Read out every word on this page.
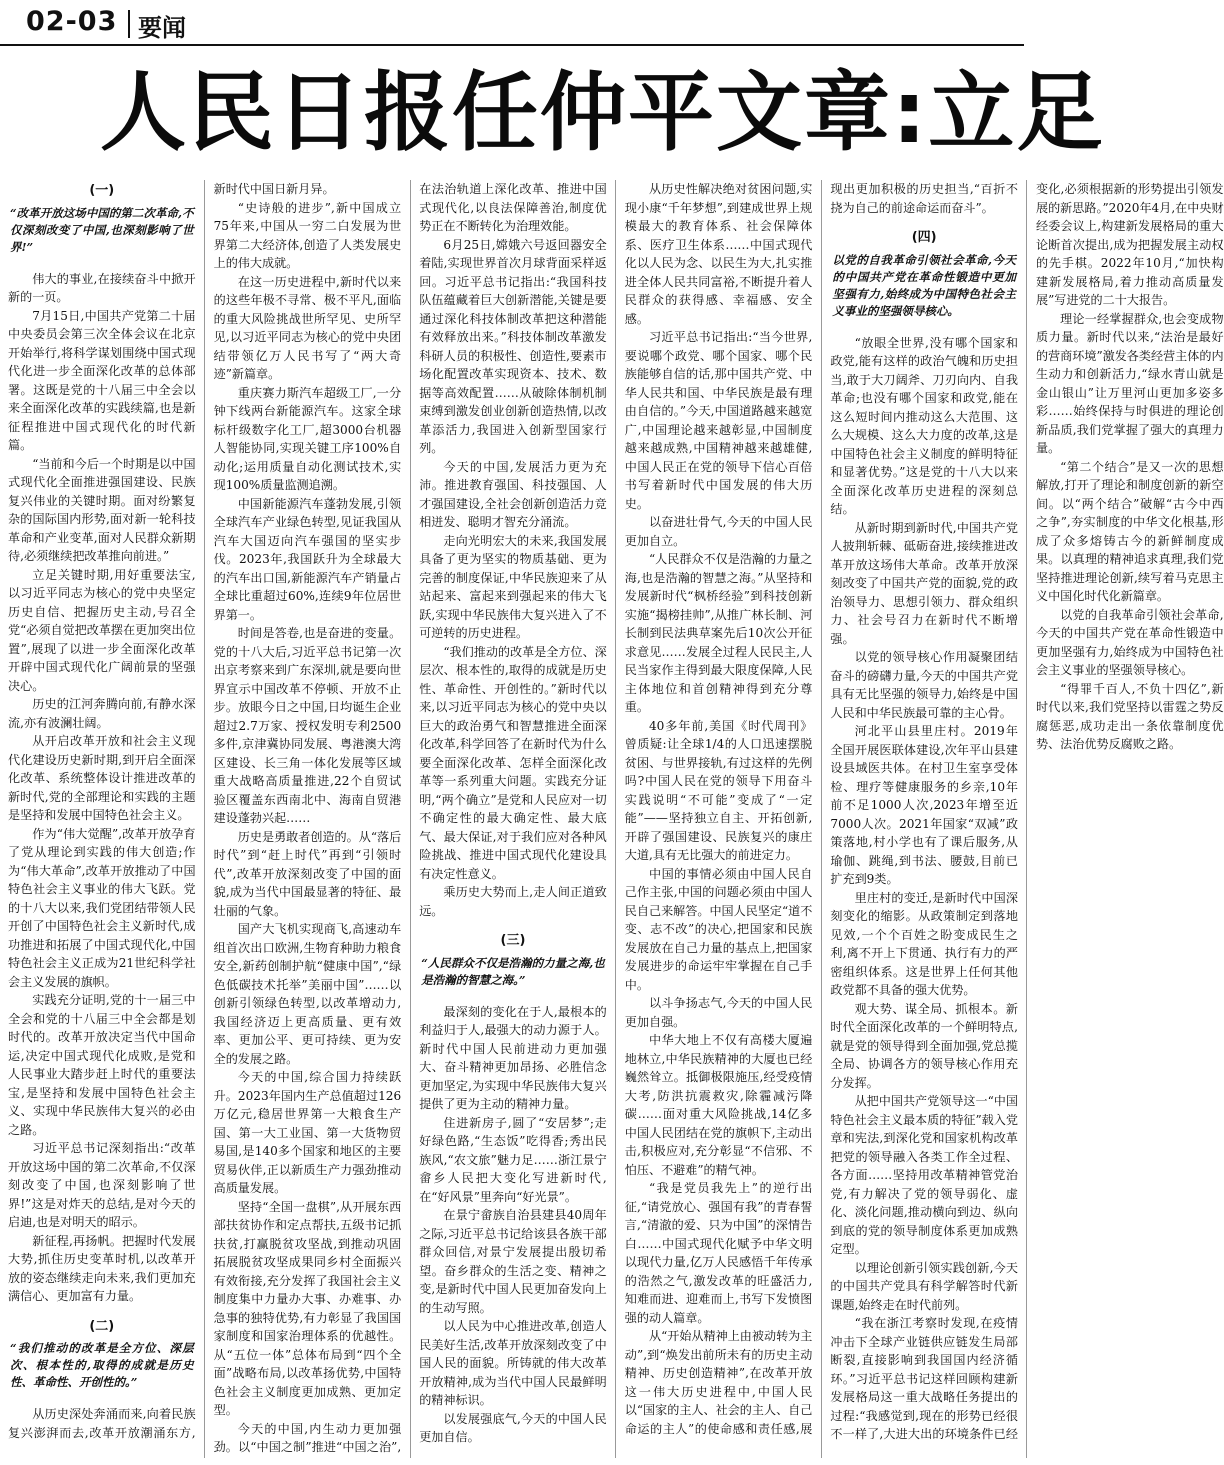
02-03 要闻
人民日报任仲平文章:立足
(一)
“改革开放这场中国的第二次革命,不仅深刻改变了中国,也深刻影响了世界!”

伟大的事业,在接续奋斗中掀开新的一页。

7月15日,中国共产党第二十届中央委员会第三次全体会议在北京开始举行,将科学谋划围绕中国式现代化进一步全面深化改革的总体部署。这既是党的十八届三中全会以来全面深化改革的实践续篇,也是新征程推进中国式现代化的时代新篇。

“当前和今后一个时期是以中国式现代化全面推进强国建设、民族复兴伟业的关键时期。面对纷繁复杂的国际国内形势,面对新一轮科技革命和产业变革,面对人民群众新期待,必须继续把改革推向前进。”

立足关键时期,用好重要法宝,以习近平同志为核心的党中央坚定历史自信、把握历史主动,号召全党“必须自觉把改革摆在更加突出位置”,展现了以进一步全面深化改革开辟中国式现代化广阔前景的坚强决心。

历史的江河奔腾向前,有静水深流,亦有波澜壮阔。

从开启改革开放和社会主义现代化建设历史新时期,到开启全面深化改革、系统整体设计推进改革的新时代,党的全部理论和实践的主题是坚持和发展中国特色社会主义。

作为“伟大觉醒”,改革开放孕育了党从理论到实践的伟大创造;作为“伟大革命”,改革开放推动了中国特色社会主义事业的伟大飞跃。党的十八大以来,我们党团结带领人民开创了中国特色社会主义新时代,成功推进和拓展了中国式现代化,中国特色社会主义正成为21世纪科学社会主义发展的旗帜。

实践充分证明,党的十一届三中全会和党的十八届三中全会都是划时代的。改革开放决定当代中国命运,决定中国式现代化成败,是党和人民事业大踏步赶上时代的重要法宝,是坚持和发展中国特色社会主义、实现中华民族伟大复兴的必由之路。

习近平总书记深刻指出:“改革开放这场中国的第二次革命,不仅深刻改变了中国,也深刻影响了世界!”这是对炸天的总结,是对今天的启迪,也是对明天的昭示。

新征程,再扬帆。把握时代发展大势,抓住历史变革时机,以改革开放的姿态继续走向未来,我们更加充满信心、更加富有力量。

(二)
“我们推动的改革是全方位、深层次、根本性的,取得的成就是历史性、革命性、开创性的。”

从历史深处奔涌而来,向着民族复兴澎湃而去,改革开放潮涌东方,新时代中国日新月异。

“史诗般的进步”,新中国成立75年来,中国从一穷二白发展为世界第二大经济体,创造了人类发展史上的伟大成就。

在这一历史进程中,新时代以来的这些年极不寻常、极不平凡,面临的重大风险挑战世所罕见、史所罕见,以习近平同志为核心的党中央团结带领亿万人民书写了“两大奇迹”新篇章。

重庆赛力斯汽车超级工厂,一分钟下线两台新能源汽车。这家全球标杆级数字化工厂,超3000台机器人智能协同,实现关键工序100%自动化;运用质量自动化测试技术,实现100%质量监测追溯。

中国新能源汽车蓬勃发展,引领全球汽车产业绿色转型,见证我国从汽车大国迈向汽车强国的坚实步伐。2023年,我国跃升为全球最大的汽车出口国,新能源汽车产销量占全球比重超过60%,连续9年位居世界第一。

时间是答卷,也是奋进的变量。党的十八大后,习近平总书记第一次出京考察来到广东深圳,就是要向世界宣示中国改革不停顿、开放不止步。放眼今日之中国,日均诞生企业超过2.7万家、授权发明专利2500多件,京津冀协同发展、粤港澳大湾区建设、长三角一体化发展等区域重大战略高质量推进,22个自贸试验区覆盖东西南北中、海南自贸港建设蓬勃兴起……

历史是勇敢者创造的。从“落后时代”到“赶上时代”再到“引领时代”,改革开放深刻改变了中国的面貌,成为当代中国最显著的特征、最壮丽的气象。

国产大飞机实现商飞,高速动车组首次出口欧洲,生物育种助力粮食安全,新药创制护航“健康中国”,“绿色低碳技术托举”美丽中国”……以创新引领绿色转型,以改革增动力,我国经济迈上更高质量、更有效率、更加公平、更可持续、更为安全的发展之路。

今天的中国,综合国力持续跃升。2023年国内生产总值超过126万亿元,稳居世界第一大粮食生产国、第一大工业国、第一大货物贸易国,是140多个国家和地区的主要贸易伙伴,正以新质生产力强劲推动高质量发展。

坚持“全国一盘棋”,从开展东西部扶贫协作和定点帮扶,五级书记抓扶贫,打赢脱贫攻坚战,到推动巩固拓展脱贫攻坚成果同乡村全面振兴有效衔接,充分发挥了我国社会主义制度集中力量办大事、办难事、办急事的独特优势,有力彰显了我国国家制度和国家治理体系的优越性。从“五位一体”总体布局到“四个全面”战略布局,以改革扬优势,中国特色社会主义制度更加成熟、更加定型。

今天的中国,内生动力更加强劲。以“中国之制”推进“中国之治”,在法治轨道上深化改革、推进中国式现代化,以良法保障善治,制度优势正在不断转化为治理效能。

6月25日,嫦娥六号返回器安全着陆,实现世界首次月球背面采样返回。习近平总书记指出:“我国科技队伍蕴藏着巨大创新潜能,关键是要通过深化科技体制改革把这种潜能有效释放出来。”科技体制改革激发科研人员的积极性、创造性,要素市场化配置改革实现资本、技术、数据等高效配置……从破除体制机制束缚到激发创业创新创造热情,以改革添活力,我国进入创新型国家行列。

今天的中国,发展活力更为充沛。推进教育强国、科技强国、人才强国建设,全社会创新创造活力竞相迸发、聪明才智充分涌流。

走向光明宏大的未来,我国发展具备了更为坚实的物质基础、更为完善的制度保证,中华民族迎来了从站起来、富起来到强起来的伟大飞跃,实现中华民族伟大复兴进入了不可逆转的历史进程。

“我们推动的改革是全方位、深层次、根本性的,取得的成就是历史性、革命性、开创性的。”新时代以来,以习近平同志为核心的党中央以巨大的政治勇气和智慧推进全面深化改革,科学回答了在新时代为什么要全面深化改革、怎样全面深化改革等一系列重大问题。实践充分证明,“两个确立”是党和人民应对一切不确定性的最大确定性、最大底气、最大保证,对于我们应对各种风险挑战、推进中国式现代化建设具有决定性意义。

乘历史大势而上,走人间正道致远。

(三)
“人民群众不仅是浩瀚的力量之海,也是浩瀚的智慧之海。”

最深刻的变化在于人,最根本的利益归于人,最强大的动力源于人。新时代中国人民前进动力更加强大、奋斗精神更加昂扬、必胜信念更加坚定,为实现中华民族伟大复兴提供了更为主动的精神力量。

住进新房子,圆了“安居梦”;走好绿色路,“生态饭”吃得香;秀出民族风,“农文旅”魅力足……浙江景宁畲乡人民把大变化写进新时代,在“好风景”里奔向“好光景”。

在景宁畲族自治县建县40周年之际,习近平总书记给该县各族干部群众回信,对景宁发展提出殷切希望。奋乡群众的生活之变、精神之变,是新时代中国人民更加奋发向上的生动写照。

以人民为中心推进改革,创造人民美好生活,改革开放深刻改变了中国人民的面貌。所铸就的伟大改革开放精神,成为当代中国人民最鲜明的精神标识。

以发展强底气,今天的中国人民更加自信。

从历史性解决绝对贫困问题,实现小康“千年梦想”,到建成世界上规模最大的教育体系、社会保障体系、医疗卫生体系……中国式现代化以人民为念、以民生为大,扎实推进全体人民共同富裕,不断提升着人民群众的获得感、幸福感、安全感。

习近平总书记指出:“当今世界,要说哪个政党、哪个国家、哪个民族能够自信的话,那中国共产党、中华人民共和国、中华民族是最有理由自信的。”今天,中国道路越来越宽广,中国理论越来越彰显,中国制度越来越成熟,中国精神越来越雄健,中国人民正在党的领导下信心百倍书写着新时代中国发展的伟大历史。

以奋进壮骨气,今天的中国人民更加自立。

“人民群众不仅是浩瀚的力量之海,也是浩瀚的智慧之海。”从坚持和发展新时代“枫桥经验”到科技创新实施“揭榜挂帅”,从推广林长制、河长制到民法典草案先后10次公开征求意见……发展全过程人民民主,人民当家作主得到最大限度保障,人民主体地位和首创精神得到充分尊重。

40多年前,美国《时代周刊》曾质疑:让全球1/4的人口迅速摆脱贫困、与世界接轨,有过这样的先例吗?中国人民在党的领导下用奋斗实践说明“不可能”变成了“一定能”——坚持独立自主、开拓创新,开辟了强国建设、民族复兴的康庄大道,具有无比强大的前进定力。

中国的事情必须由中国人民自己作主张,中国的问题必须由中国人民自己来解答。中国人民坚定“道不变、志不改”的决心,把国家和民族发展放在自己力量的基点上,把国家发展进步的命运牢牢掌握在自己手中。

以斗争扬志气,今天的中国人民更加自强。

中华大地上不仅有高楼大厦遍地林立,中华民族精神的大厦也已经巍然耸立。抵御极限施压,经受疫情大考,防洪抗震救灾,除霾减污降碳……面对重大风险挑战,14亿多中国人民团结在党的旗帜下,主动出击,积极应对,充分彰显“不信邪、不怕压、不避难”的精气神。

“我是党员我先上”的逆行出征,“请党放心、强国有我”的青春誓言,“清澈的爱、只为中国”的深情告白……中国式现代化赋予中华文明以现代力量,亿万人民感悟千年传承的浩然之气,激发改革的旺盛活力,知难而进、迎难而上,书写下发愤图强的动人篇章。

从“开始从精神上由被动转为主动”,到“焕发出前所未有的历史主动精神、历史创造精神”,在改革开放这一伟大历史进程中,中国人民以“国家的主人、社会的主人、自己命运的主人”的使命感和责任感,展现出更加积极的历史担当,“百折不挠为自己的前途命运而奋斗”。

(四)
以党的自我革命引领社会革命,今天的中国共产党在革命性锻造中更加坚强有力,始终成为中国特色社会主义事业的坚强领导核心。

“放眼全世界,没有哪个国家和政党,能有这样的政治气魄和历史担当,敢于大刀阔斧、刀刃向内、自我革命;也没有哪个国家和政党,能在这么短时间内推动这么大范围、这么大规模、这么大力度的改革,这是中国特色社会主义制度的鲜明特征和显著优势。”这是党的十八大以来全面深化改革历史进程的深刻总结。

从新时期到新时代,中国共产党人披荆斩棘、砥砺奋进,接续推进改革开放这场伟大革命。改革开放深刻改变了中国共产党的面貌,党的政治领导力、思想引领力、群众组织力、社会号召力在新时代不断增强。

以党的领导核心作用凝聚团结奋斗的磅礴力量,今天的中国共产党具有无比坚强的领导力,始终是中国人民和中华民族最可靠的主心骨。

河北平山县里庄村。2019年全国开展医联体建设,次年平山县建设县域医共体。在村卫生室享受体检、理疗等健康服务的乡亲,10年前不足1000人次,2023年增至近7000人次。2021年国家“双减”政策落地,村小学也有了课后服务,从瑜伽、跳绳,到书法、腰鼓,目前已扩充到9类。

里庄村的变迁,是新时代中国深刻变化的缩影。从政策制定到落地见效,一个个百姓之盼变成民生之利,离不开上下贯通、执行有力的严密组织体系。这是世界上任何其他政党都不具备的强大优势。

观大势、谋全局、抓根本。新时代全面深化改革的一个鲜明特点,就是党的领导得到全面加强,党总揽全局、协调各方的领导核心作用充分发挥。

从把中国共产党领导这一“中国特色社会主义最本质的特征”载入党章和宪法,到深化党和国家机构改革把党的领导融入各类工作全过程、各方面……坚持用改革精神管党治党,有力解决了党的领导弱化、虚化、淡化问题,推动横向到边、纵向到底的党的领导制度体系更加成熟定型。

以理论创新引领实践创新,今天的中国共产党具有科学解答时代新课题,始终走在时代前列。

“我在浙江考察时发现,在疫情冲击下全球产业链供应链发生局部断裂,直接影响到我国国内经济循环。”习近平总书记这样回顾构建新发展格局这一重大战略任务提出的过程:“我感觉到,现在的形势已经很不一样了,大进大出的环境条件已经变化,必须根据新的形势提出引领发展的新思路。”2020年4月,在中央财经委会议上,构建新发展格局的重大论断首次提出,成为把握发展主动权的先手棋。2022年10月,“加快构建新发展格局,着力推动高质量发展”写进党的二十大报告。

理论一经掌握群众,也会变成物质力量。新时代以来,“法治是最好的营商环境”激发各类经营主体的内生动力和创新活力,“绿水青山就是金山银山”让万里河山更加多姿多彩……始终保持与时俱进的理论创新品质,我们党掌握了强大的真理力量。

“第二个结合”是又一次的思想解放,打开了理论和制度创新的新空间。以“两个结合”破解“古今中西之争”,夯实制度的中华文化根基,形成了众多熔铸古今的新鲜制度成果。以真理的精神追求真理,我们党坚持推进理论创新,续写着马克思主义中国化时代化新篇章。

以党的自我革命引领社会革命,今天的中国共产党在革命性锻造中更加坚强有力,始终成为中国特色社会主义事业的坚强领导核心。

“得罪千百人,不负十四亿”,新时代以来,我们党坚持以雷霆之势反腐惩恶,成功走出一条依靠制度优势、法治优势反腐败之路。
